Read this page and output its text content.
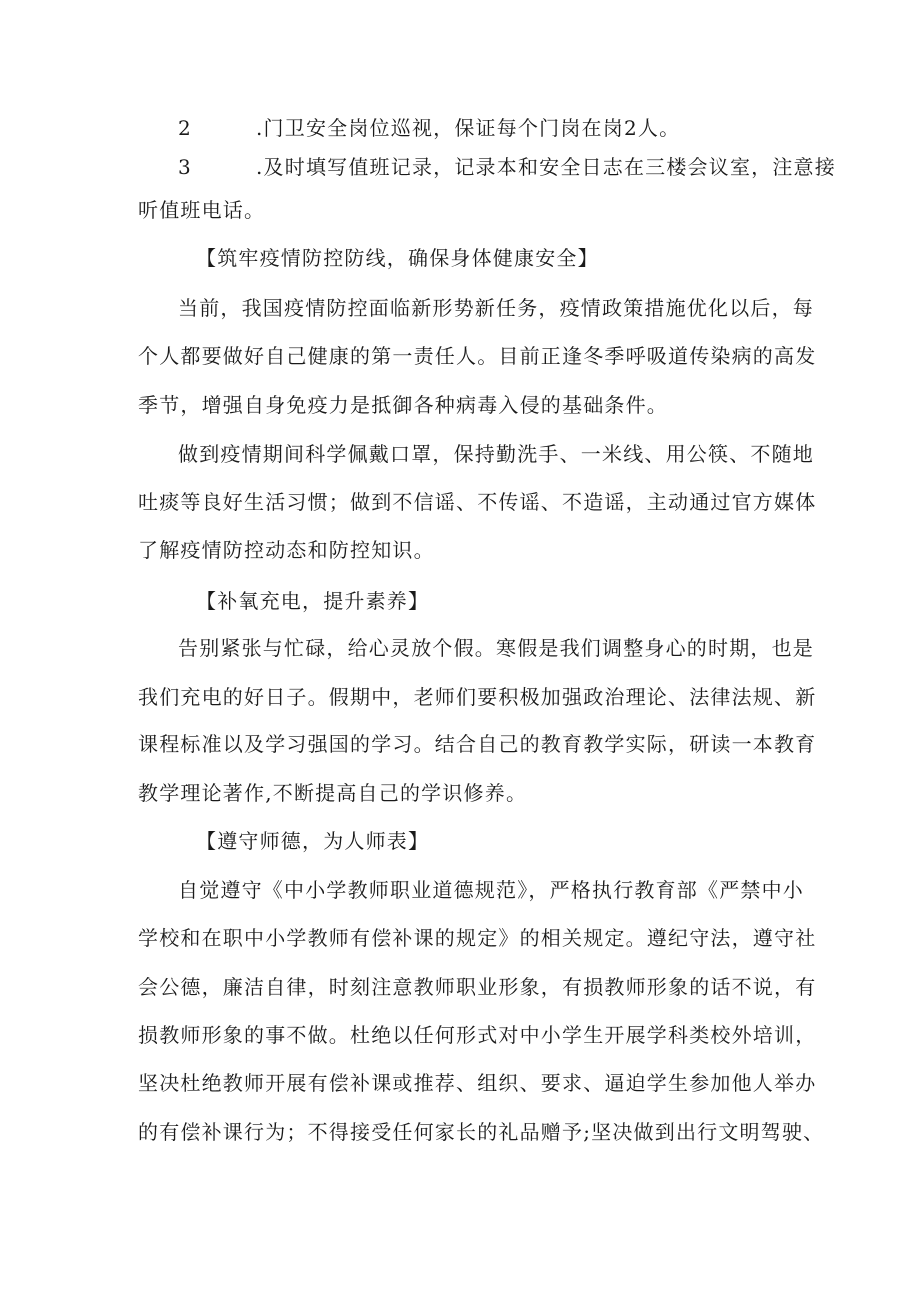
2	.门卫安全岗位巡视，保证每个门岗在岗2人。
3	.及时填写值班记录，记录本和安全日志在三楼会议室，注意接
听值班电话。
【筑牢疫情防控防线，确保身体健康安全】
当前，我国疫情防控面临新形势新任务，疫情政策措施优化以后，每
个人都要做好自己健康的第一责任人。目前正逢冬季呼吸道传染病的高发
季节，增强自身免疫力是抵御各种病毒入侵的基础条件。
做到疫情期间科学佩戴口罩，保持勤洗手、一米线、用公筷、不随地
吐痰等良好生活习惯；做到不信谣、不传谣、不造谣，主动通过官方媒体
了解疫情防控动态和防控知识。
【补氧充电，提升素养】
告别紧张与忙碌，给心灵放个假。寒假是我们调整身心的时期，也是
我们充电的好日子。假期中，老师们要积极加强政治理论、法律法规、新
课程标准以及学习强国的学习。结合自己的教育教学实际，研读一本教育
教学理论著作,不断提高自己的学识修养。
【遵守师德，为人师表】
自觉遵守《中小学教师职业道德规范》，严格执行教育部《严禁中小
学校和在职中小学教师有偿补课的规定》的相关规定。遵纪守法，遵守社
会公德，廉洁自律，时刻注意教师职业形象，有损教师形象的话不说，有
损教师形象的事不做。杜绝以任何形式对中小学生开展学科类校外培训，
坚决杜绝教师开展有偿补课或推荐、组织、要求、逼迫学生参加他人举办
的有偿补课行为；不得接受任何家长的礼品赠予;坚决做到出行文明驾驶、
